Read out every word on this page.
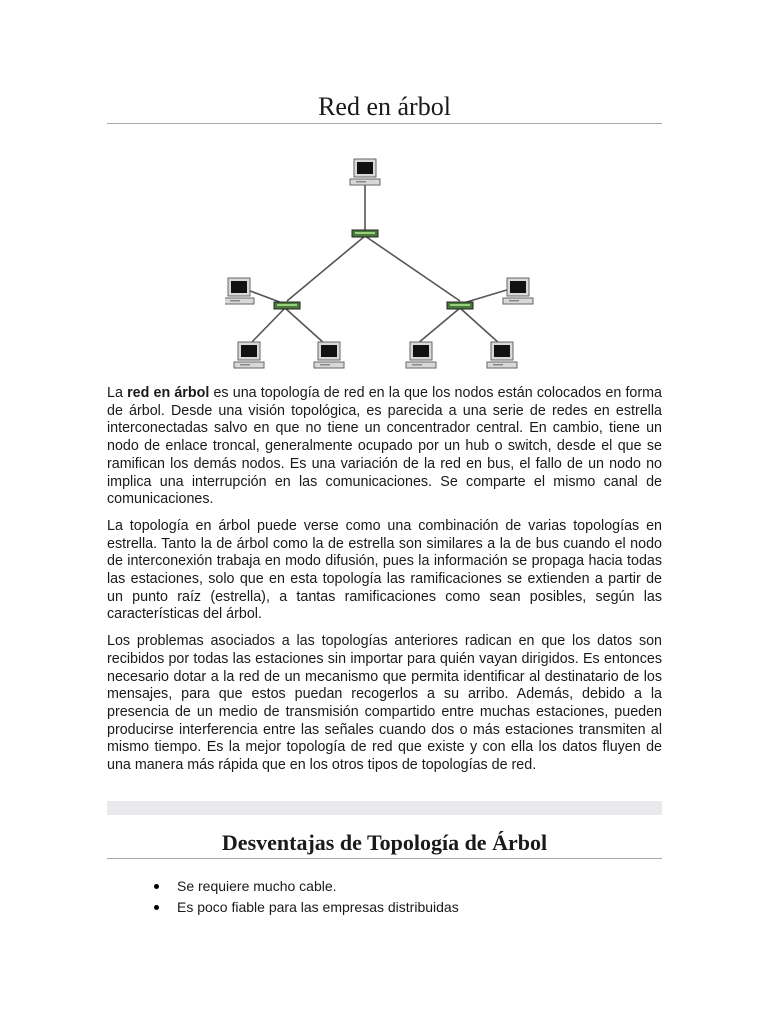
Red en árbol

La red en árbol es una topología de red en la que los nodos están colocados en forma de árbol. Desde una visión topológica, es parecida a una serie de redes en estrella interconectadas salvo en que no tiene un concentrador central. En cambio, tiene un nodo de enlace troncal, generalmente ocupado por un hub o switch, desde el que se ramifican los demás nodos. Es una variación de la red en bus, el fallo de un nodo no implica una interrupción en las comunicaciones. Se comparte el mismo canal de comunicaciones.

La topología en árbol puede verse como una combinación de varias topologías en estrella. Tanto la de árbol como la de estrella son similares a la de bus cuando el nodo de interconexión trabaja en modo difusión, pues la información se propaga hacia todas las estaciones, solo que en esta topología las ramificaciones se extienden a partir de un punto raíz (estrella), a tantas ramificaciones como sean posibles, según las características del árbol.

Los problemas asociados a las topologías anteriores radican en que los datos son recibidos por todas las estaciones sin importar para quién vayan dirigidos. Es entonces necesario dotar a la red de un mecanismo que permita identificar al destinatario de los mensajes, para que estos puedan recogerlos a su arribo. Además, debido a la presencia de un medio de transmisión compartido entre muchas estaciones, pueden producirse interferencia entre las señales cuando dos o más estaciones transmiten al mismo tiempo. Es la mejor topología de red que existe y con ella los datos fluyen de una manera más rápida que en los otros tipos de topologías de red.

Desventajas de Topología de Árbol
Se requiere mucho cable.
Es poco fiable para las empresas distribuidas
